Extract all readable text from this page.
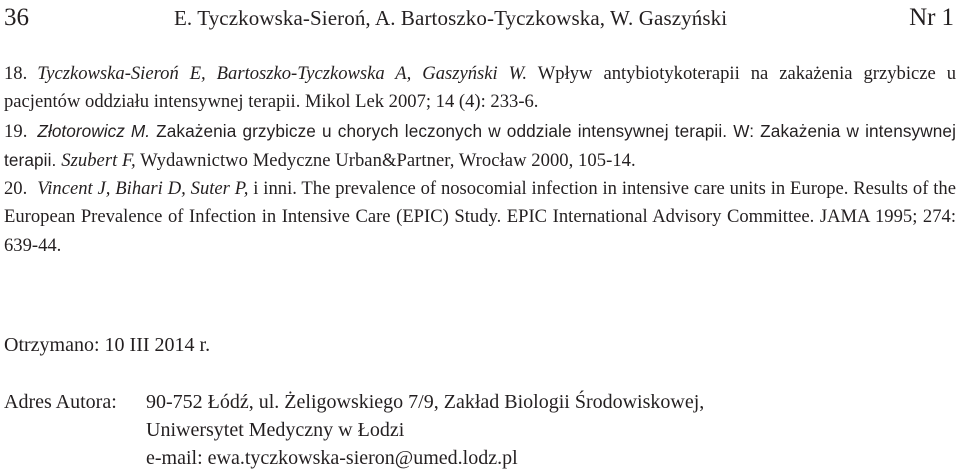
36	E. Tyczkowska-Sieroń, A. Bartoszko-Tyczkowska, W. Gaszyński	Nr 1

18. Tyczkowska-Sieroń E, Bartoszko-Tyczkowska A, Gaszyński W. Wpływ antybiotykoterapii na zakażenia grzybicze u pacjentów oddziału intensywnej terapii. Mikol Lek 2007; 14 (4): 233-6.

19. Złotorowicz M. Zakażenia grzybicze u chorych leczonych w oddziale intensywnej terapii. W: Zakażenia w intensywnej terapii. Szubert F, Wydawnictwo Medyczne Urban&Partner, Wrocław 2000, 105-14.

20. Vincent J, Bihari D, Suter P, i inni. The prevalence of nosocomial infection in intensive care units in Europe. Results of the European Prevalence of Infection in Intensive Care (EPIC) Study. EPIC International Advisory Committee. JAMA 1995; 274: 639-44.

Otrzymano: 10 III 2014 r.
Adres Autora:	90-752 Łódź, ul. Żeligowskiego 7/9, Zakład Biologii Środowiskowej,
Uniwersytet Medyczny w Łodzi
e-mail: ewa.tyczkowska-sieron@umed.lodz.pl
